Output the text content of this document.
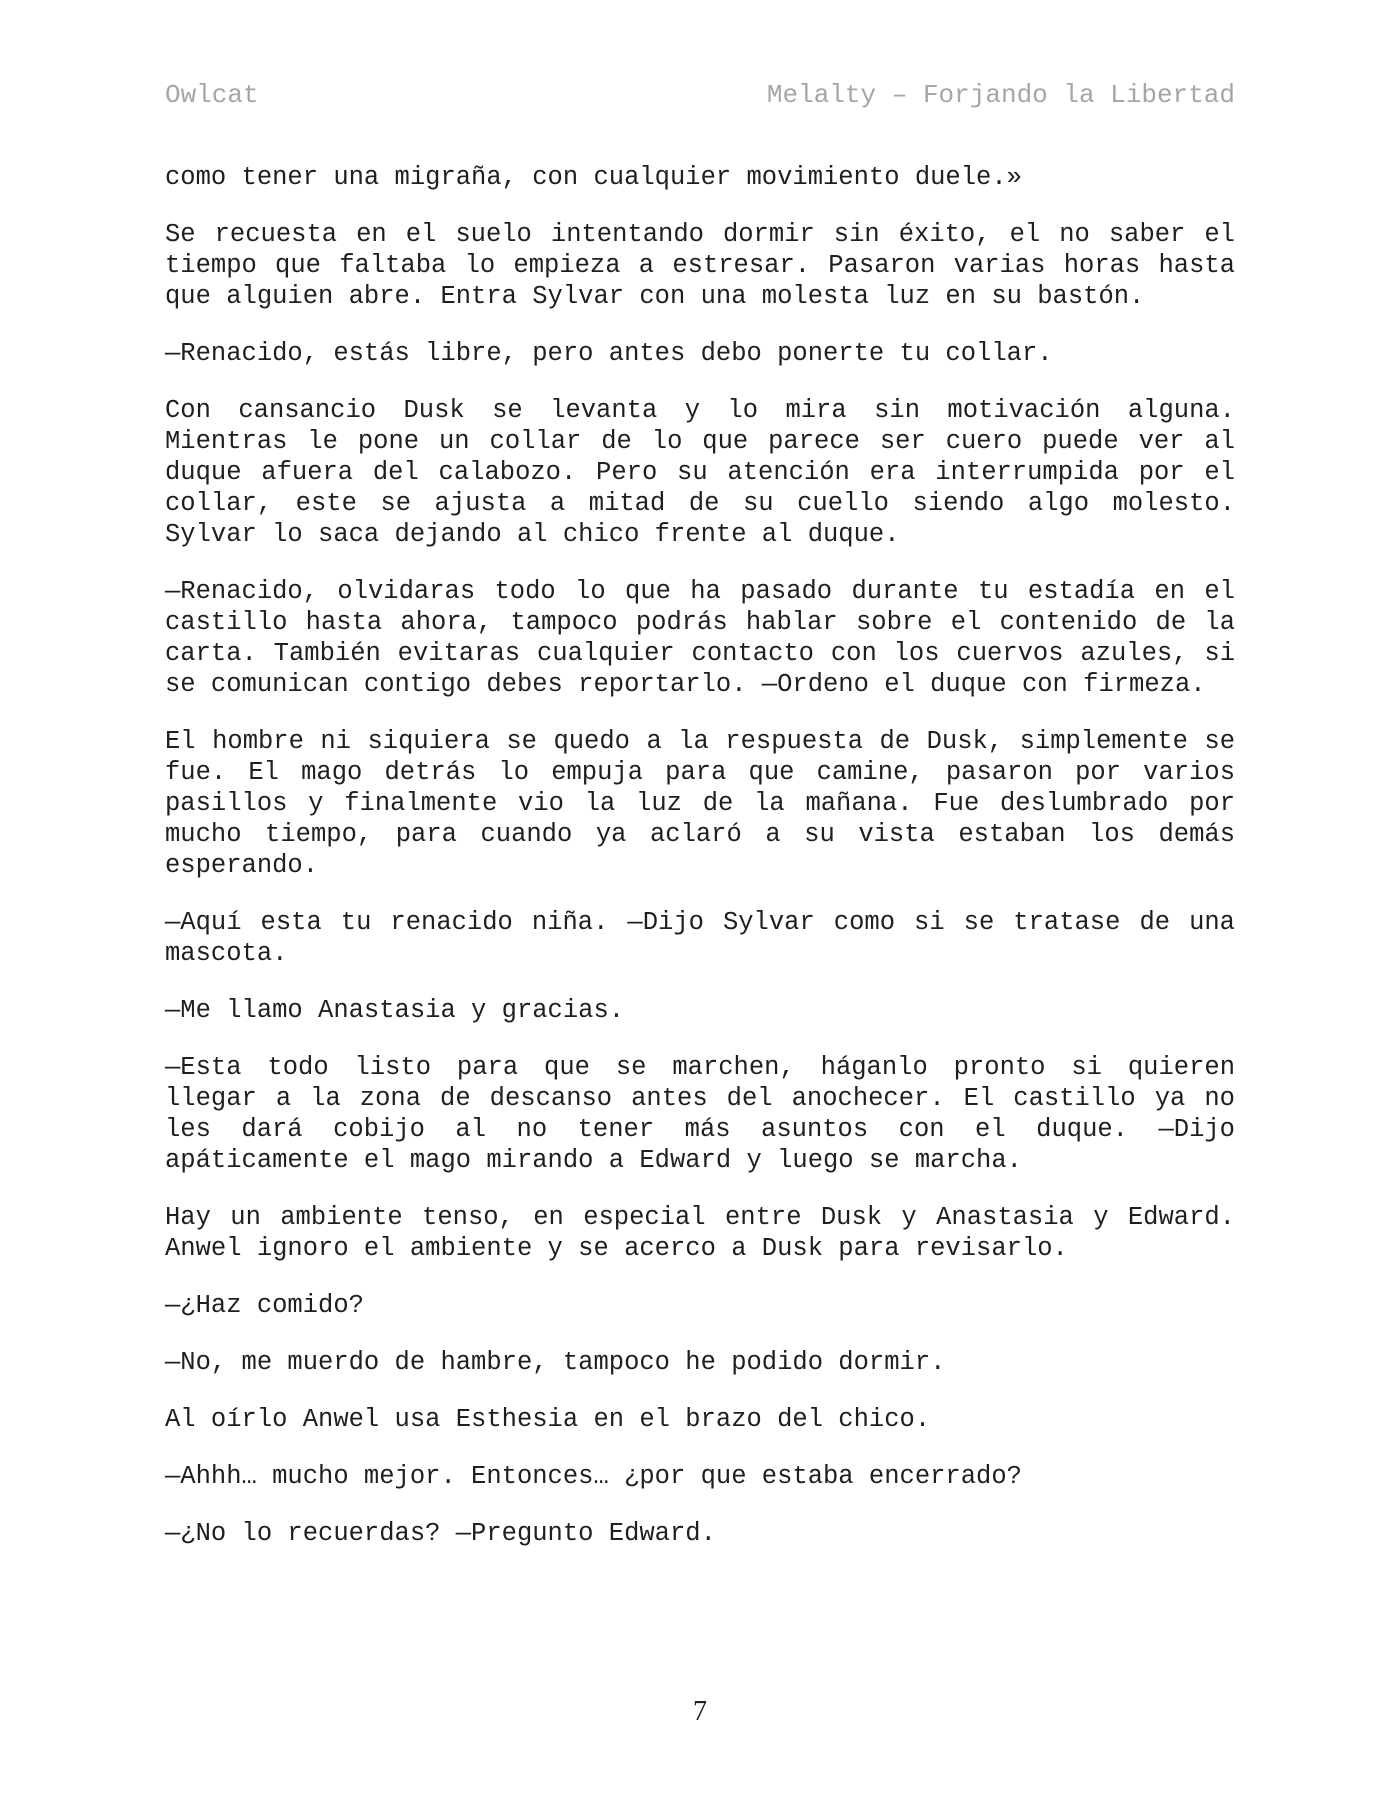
Owlcat	Melalty – Forjando la Libertad

como tener una migraña, con cualquier movimiento duele.»

Se recuesta en el suelo intentando dormir sin éxito, el no saber el tiempo que faltaba lo empieza a estresar. Pasaron varias horas hasta que alguien abre. Entra Sylvar con una molesta luz en su bastón.

—Renacido, estás libre, pero antes debo ponerte tu collar.

Con cansancio Dusk se levanta y lo mira sin motivación alguna. Mientras le pone un collar de lo que parece ser cuero puede ver al duque afuera del calabozo. Pero su atención era interrumpida por el collar, este se ajusta a mitad de su cuello siendo algo molesto. Sylvar lo saca dejando al chico frente al duque.

—Renacido, olvidaras todo lo que ha pasado durante tu estadía en el castillo hasta ahora, tampoco podrás hablar sobre el contenido de la carta. También evitaras cualquier contacto con los cuervos azules, si se comunican contigo debes reportarlo. —Ordeno el duque con firmeza.

El hombre ni siquiera se quedo a la respuesta de Dusk, simplemente se fue. El mago detrás lo empuja para que camine, pasaron por varios pasillos y finalmente vio la luz de la mañana. Fue deslumbrado por mucho tiempo, para cuando ya aclaró a su vista estaban los demás esperando.

—Aquí esta tu renacido niña. —Dijo Sylvar como si se tratase de una mascota.

—Me llamo Anastasia y gracias.

—Esta todo listo para que se marchen, háganlo pronto si quieren llegar a la zona de descanso antes del anochecer. El castillo ya no les dará cobijo al no tener más asuntos con el duque. —Dijo apáticamente el mago mirando a Edward y luego se marcha.

Hay un ambiente tenso, en especial entre Dusk y Anastasia y Edward. Anwel ignoro el ambiente y se acerco a Dusk para revisarlo.

—¿Haz comido?

—No, me muerdo de hambre, tampoco he podido dormir.

Al oírlo Anwel usa Esthesia en el brazo del chico.

—Ahhh… mucho mejor. Entonces… ¿por que estaba encerrado?

—¿No lo recuerdas? —Pregunto Edward.

7
